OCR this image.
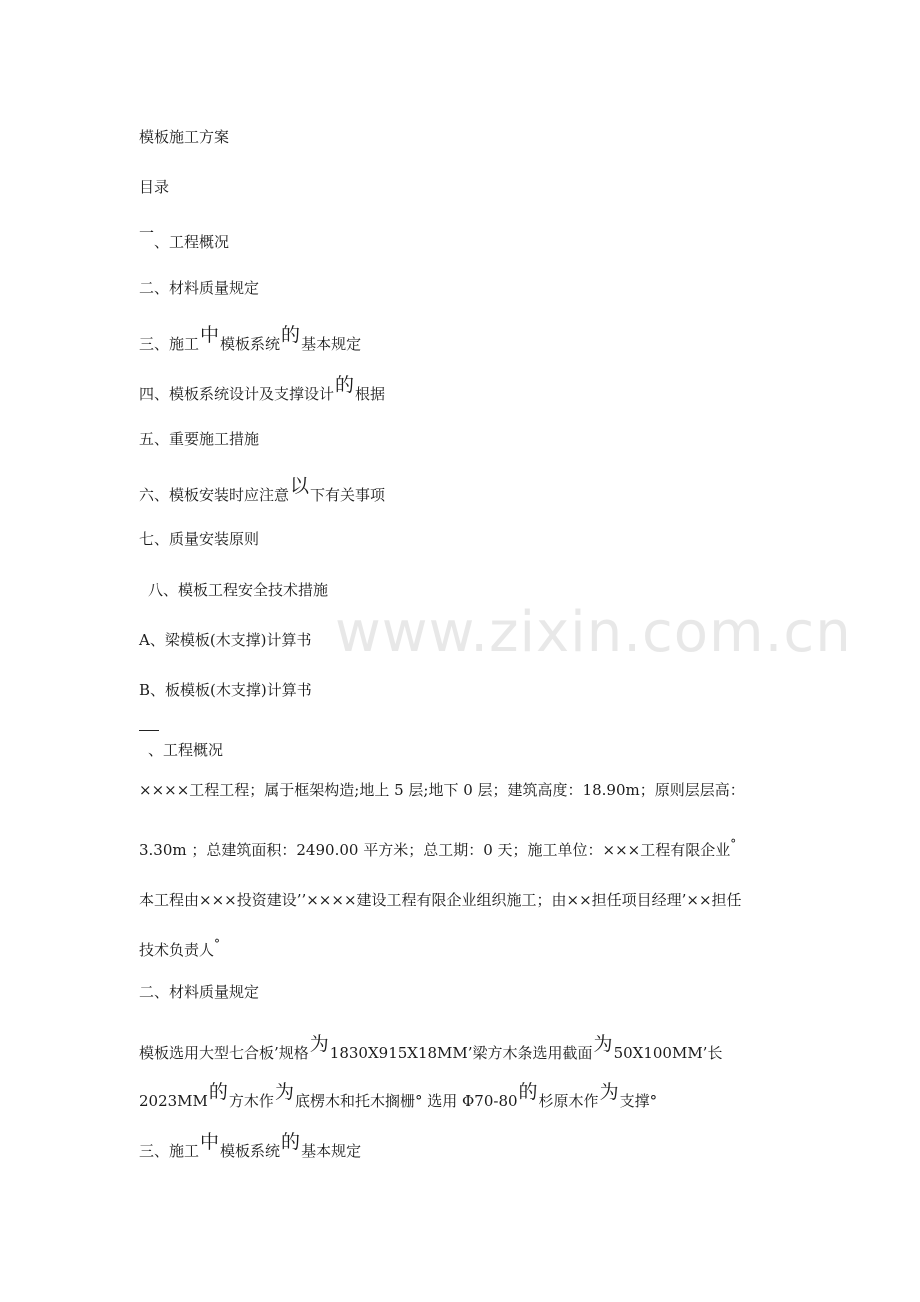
www.zixin.com.cn
模板施工方案
目录
一、工程概况
二、材料质量规定
三、施工中模板系统的基本规定
四、模板系统设计及支撑设计的根据
五、重要施工措施
六、模板安装时应注意以下有关事项
七、质量安装原则
八、模板工程安全技术措施
A、梁模板(木支撑)计算书
B、板模板(木支撑)计算书
、工程概况
××××工程工程；属于框架构造;地上 5 层;地下 0 层；建筑高度：18.90m；原则层层高：
3.30m ；总建筑面积：2490.00 平方米；总工期：0 天；施工单位：×××工程有限企业°
本工程由×××投资建设’’××××建设工程有限企业组织施工；由××担任项目经理’××担任
技术负责人°
二、材料质量规定
模板选用大型七合板’规格为1830X915X18MM’梁方木条选用截面为50X100MM’长
2023MM的方木作为底楞木和托木搁栅° 选用 Φ70-80的杉原木作为支撑°
三、施工中模板系统的基本规定
